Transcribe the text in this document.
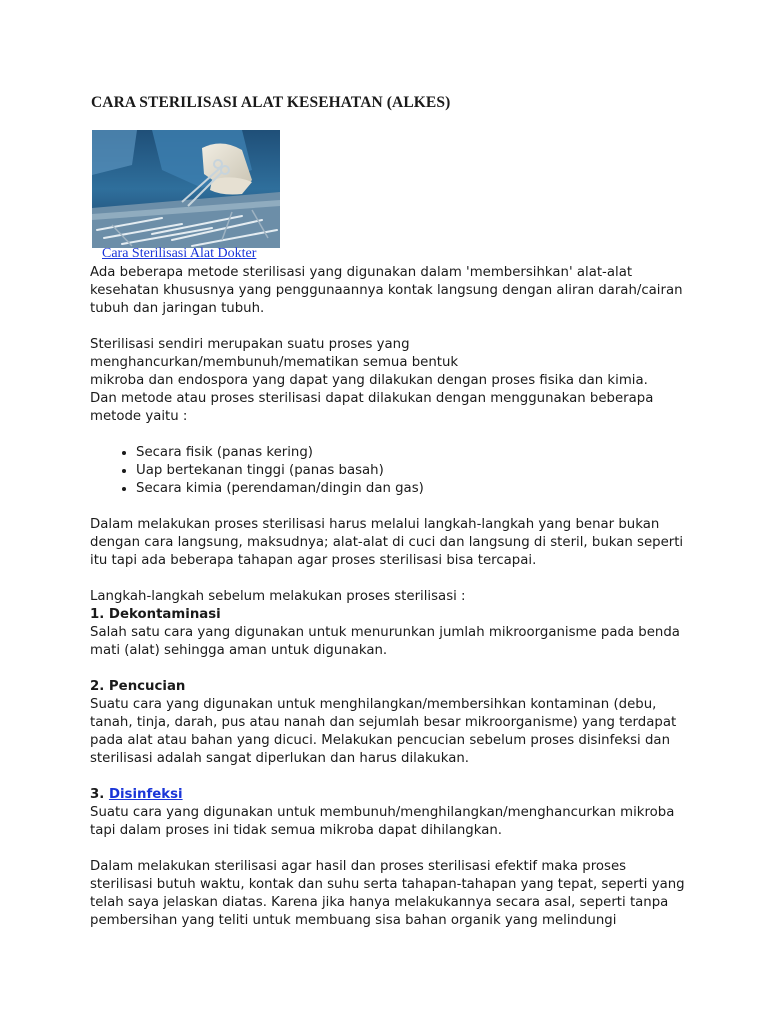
CARA STERILISASI ALAT KESEHATAN (ALKES)
Cara Sterilisasi Alat Dokter

Ada beberapa metode sterilisasi yang digunakan dalam 'membersihkan' alat-alat kesehatan khususnya yang penggunaannya kontak langsung dengan aliran darah/cairan tubuh dan jaringan tubuh.

Sterilisasi sendiri merupakan suatu proses yang

menghancurkan/membunuh/mematikan semua bentuk

mikroba dan endospora yang dapat yang dilakukan dengan proses fisika dan kimia.

Dan metode atau proses sterilisasi dapat dilakukan dengan menggunakan beberapa metode yaitu :

• Secara fisik (panas kering)
• Uap bertekanan tinggi (panas basah)
• Secara kimia (perendaman/dingin dan gas)

Dalam melakukan proses sterilisasi harus melalui langkah-langkah yang benar bukan dengan cara langsung, maksudnya; alat-alat di cuci dan langsung di steril, bukan seperti itu tapi ada beberapa tahapan agar proses sterilisasi bisa tercapai.

Langkah-langkah sebelum melakukan proses sterilisasi :

1. Dekontaminasi

Salah satu cara yang digunakan untuk menurunkan jumlah mikroorganisme pada benda mati (alat) sehingga aman untuk digunakan.

2. Pencucian

Suatu cara yang digunakan untuk menghilangkan/membersihkan kontaminan (debu, tanah, tinja, darah, pus atau nanah dan sejumlah besar mikroorganisme) yang terdapat pada alat atau bahan yang dicuci. Melakukan pencucian sebelum proses disinfeksi dan sterilisasi adalah sangat diperlukan dan harus dilakukan.

3. Disinfeksi

Suatu cara yang digunakan untuk membunuh/menghilangkan/menghancurkan mikroba tapi dalam proses ini tidak semua mikroba dapat dihilangkan.

Dalam melakukan sterilisasi agar hasil dan proses sterilisasi efektif maka proses sterilisasi butuh waktu, kontak dan suhu serta tahapan-tahapan yang tepat, seperti yang telah saya jelaskan diatas. Karena jika hanya melakukannya secara asal, seperti tanpa pembersihan yang teliti untuk membuang sisa bahan organik yang melindungi
